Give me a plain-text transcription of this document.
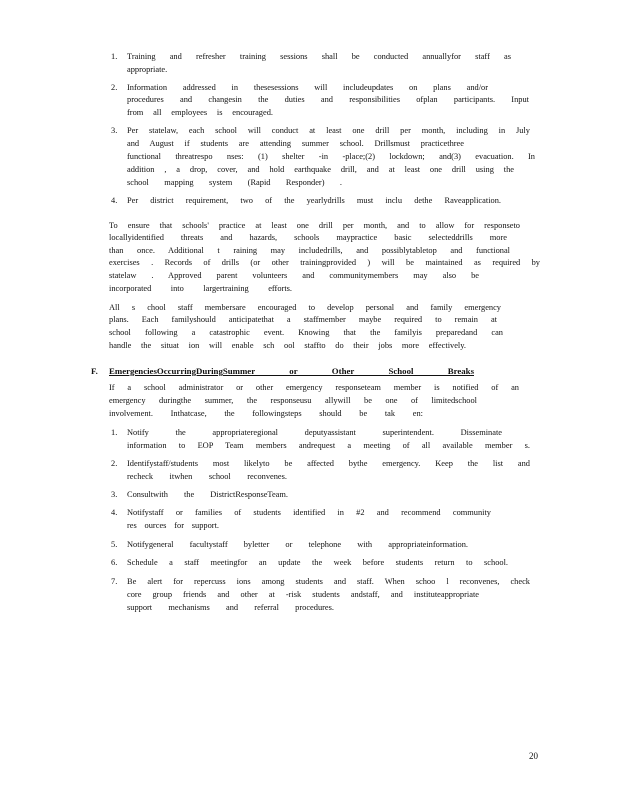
1. Training and refresher training sessions shall be conducted annuallyfor staff as
appropriate.
2. Information addressed in thesesessions will includeupdates on plans and/or
procedures and changesin the duties and responsibilities ofplan participants. Input
from all employees is encouraged.
3. Per statelaw, each school will conduct at least one drill per month, including in July
and August if students are attending summer school. Drillsmust practicethree
functional threatrespo nses: (1) shelter -in -place;(2) lockdown; and(3) evacuation. In
addition , a drop, cover, and hold earthquake drill, and at least one drill using the
school mapping system (Rapid Responder) .
4. Per district requirement, two of the yearlydrills must inclu dethe Raveapplication.
To ensure that schools' practice at least one drill per month, and to allow for responseto
locallyidentified threats and hazards, schools maypractice basic selecteddrills more
than once. Additional t raining may includedrills, and possiblytabletop and functional
exercises . Records of drills (or other trainingprovided ) will be maintained as required by
statelaw . Approved parent volunteers and communitymembers may also be
incorporated into largertraining efforts.
All s chool staff membersare encouraged to develop personal and family emergency
plans. Each familyshould anticipatethat a staffmember maybe required to remain at
school following a catastrophic event. Knowing that the familyis preparedand can
handle the situat ion will enable sch ool staffto do their jobs more effectively.
F. EmergenciesOccurringDuringSummer or Other School Breaks
If a school administrator or other emergency responseteam member is notified of an
emergency duringthe summer, the responseusu allywill be one of limitedschool
involvement. Inthatcase, the followingsteps should be tak en:
1. Notify the appropriateregional deputyassistant superintendent. Disseminate
information to EOP Team members andrequest a meeting of all available member s.
2. Identifystaff/students most likelyto be affected bythe emergency. Keep the list and
recheck itwhen school reconvenes.
3. Consultwith the DistrictResponseTeam.
4. Notifystaff or families of students identified in #2 and recommend community
res ources for support.
5. Notifygeneral facultystaff byletter or telephone with appropriateinformation.
6. Schedule a staff meetingfor an update the week before students return to school.
7. Be alert for repercuss ions among students and staff. When schoo l reconvenes, check
core group friends and other at -risk students andstaff, and instituteappropriate
support mechanisms and referral procedures.
20
